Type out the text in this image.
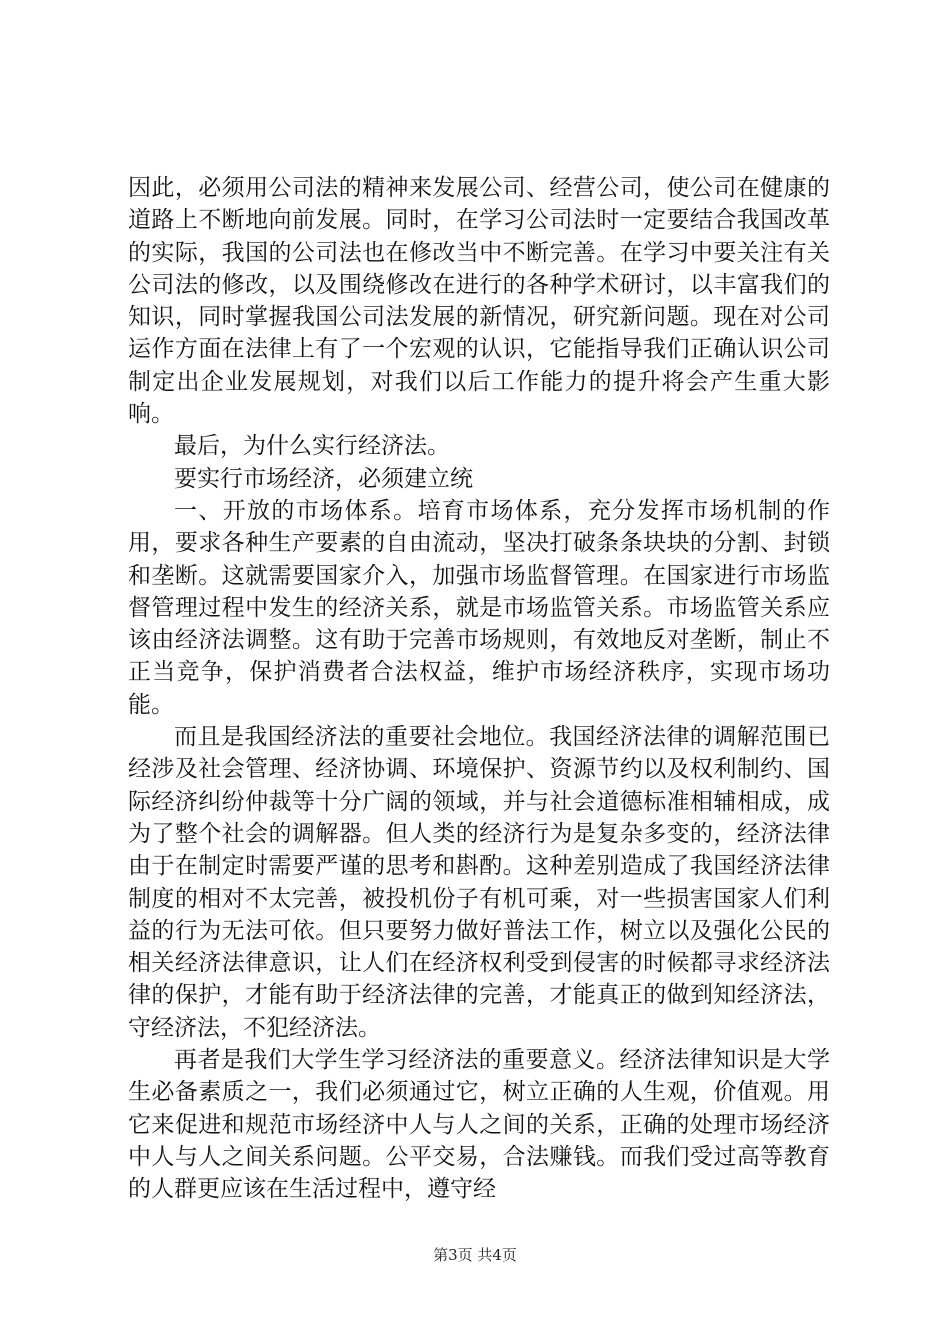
因此，必须用公司法的精神来发展公司、经营公司，使公司在健康的道路上不断地向前发展。同时，在学习公司法时一定要结合我国改革的实际，我国的公司法也在修改当中不断完善。在学习中要关注有关公司法的修改，以及围绕修改在进行的各种学术研讨，以丰富我们的知识，同时掌握我国公司法发展的新情况，研究新问题。现在对公司运作方面在法律上有了一个宏观的认识，它能指导我们正确认识公司制定出企业发展规划，对我们以后工作能力的提升将会产生重大影响。

最后，为什么实行经济法。

要实行市场经济，必须建立统

一、开放的市场体系。培育市场体系，充分发挥市场机制的作用，要求各种生产要素的自由流动，坚决打破条条块块的分割、封锁和垄断。这就需要国家介入，加强市场监督管理。在国家进行市场监督管理过程中发生的经济关系，就是市场监管关系。市场监管关系应该由经济法调整。这有助于完善市场规则，有效地反对垄断，制止不正当竞争，保护消费者合法权益，维护市场经济秩序，实现市场功能。

而且是我国经济法的重要社会地位。我国经济法律的调解范围已经涉及社会管理、经济协调、环境保护、资源节约以及权利制约、国际经济纠纷仲裁等十分广阔的领域，并与社会道德标准相辅相成，成为了整个社会的调解器。但人类的经济行为是复杂多变的，经济法律由于在制定时需要严谨的思考和斟酌。这种差别造成了我国经济法律制度的相对不太完善，被投机份子有机可乘，对一些损害国家人们利益的行为无法可依。但只要努力做好普法工作，树立以及强化公民的相关经济法律意识，让人们在经济权利受到侵害的时候都寻求经济法律的保护，才能有助于经济法律的完善，才能真正的做到知经济法，守经济法，不犯经济法。

再者是我们大学生学习经济法的重要意义。经济法律知识是大学生必备素质之一，我们必须通过它，树立正确的人生观，价值观。用它来促进和规范市场经济中人与人之间的关系，正确的处理市场经济中人与人之间关系问题。公平交易，合法赚钱。而我们受过高等教育的人群更应该在生活过程中，遵守经

第3页 共4页
